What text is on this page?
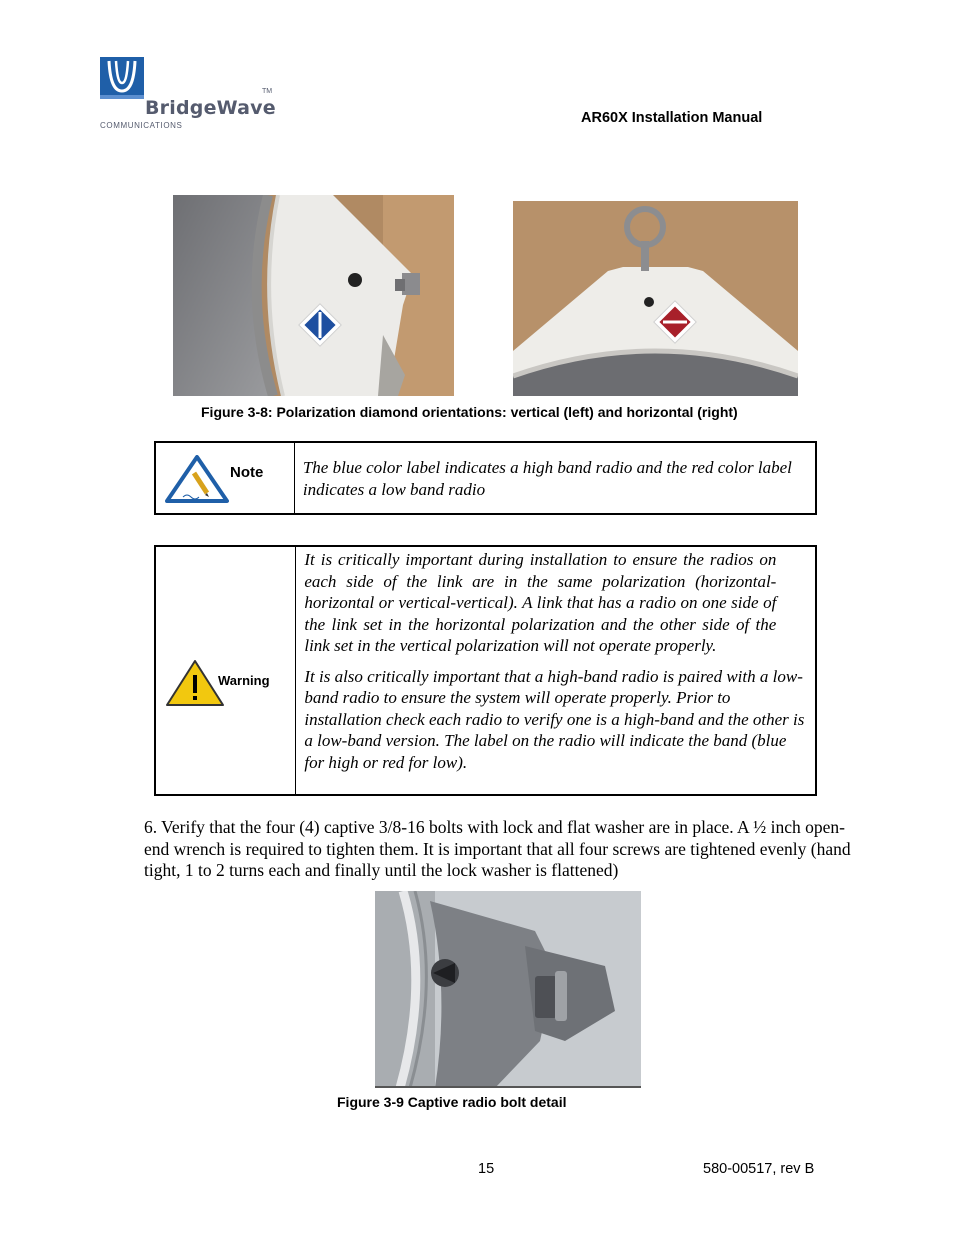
BridgeWave
TM
COMMUNICATIONS	AR60X Installation Manual
Figure 3-8: Polarization diamond orientations: vertical (left) and horizontal (right)
Note	The blue color label indicates a high band radio and the red color label indicates a low band radio
Warning

It is critically important during installation to ensure the radios on each side of the link are in the same polarization (horizontal-horizontal or vertical-vertical). A link that has a radio on one side of the link set in the horizontal polarization and the other side of the link set in the vertical polarization will not operate properly.

It is also critically important that a high-band radio is paired with a low-band radio to ensure the system will operate properly. Prior to installation check each radio to verify one is a high-band and the other is a low-band version. The label on the radio will indicate the band (blue for high or red for low).

6. Verify that the four (4) captive 3/8-16 bolts with lock and flat washer are in place. A ½ inch open-end wrench is required to tighten them. It is important that all four screws are tightened evenly (hand tight, 1 to 2 turns each and finally until the lock washer is flattened)
Figure 3-9 Captive radio bolt detail
15	580-00517, rev B
